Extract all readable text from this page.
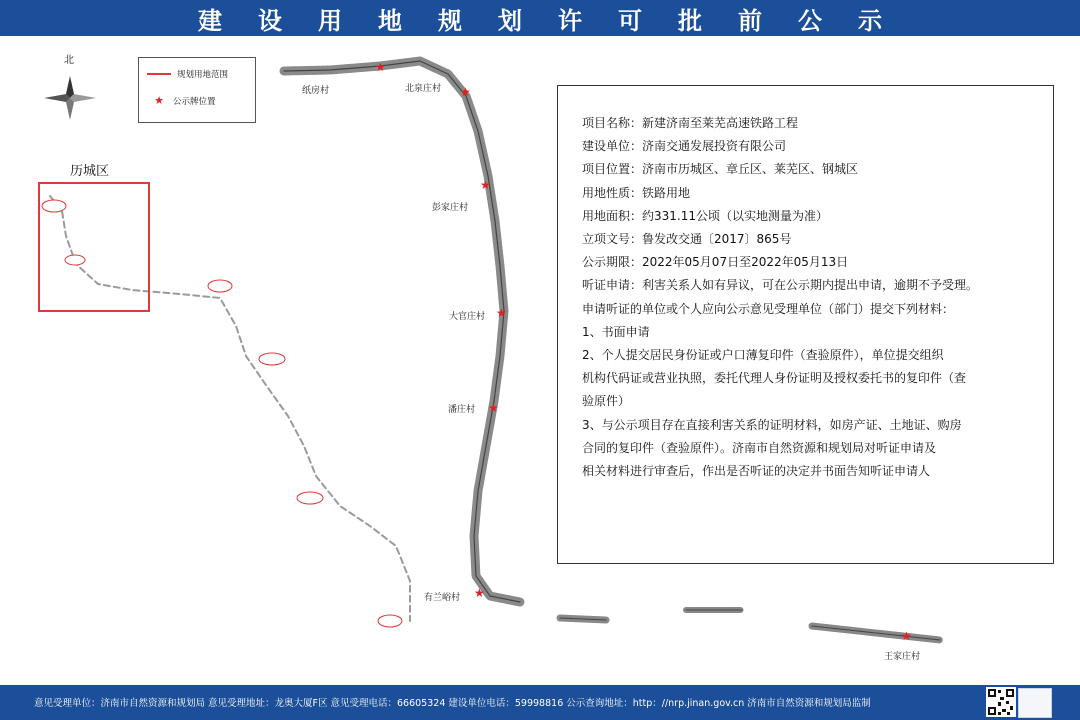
建设用地规划许可批前公示
北
规划用地范围
★	公示牌位置
历城区
★
★
★
★
★
★
★
纸房村	北泉庄村
彭家庄村
大官庄村
潘庄村
有兰峪村
王家庄村
项目名称：新建济南至莱芜高速铁路工程
建设单位：济南交通发展投资有限公司
项目位置：济南市历城区、章丘区、莱芜区、钢城区
用地性质：铁路用地
用地面积：约331.11公顷（以实地测量为准）
立项文号：鲁发改交通〔2017〕865号
公示期限：2022年05月07日至2022年05月13日
听证申请：利害关系人如有异议，可在公示期内提出申请，逾期不予受理。
申请听证的单位或个人应向公示意见受理单位（部门）提交下列材料：
1、书面申请
2、个人提交居民身份证或户口薄复印件（查验原件），单位提交组织
机构代码证或营业执照，委托代理人身份证明及授权委托书的复印件（查
验原件）
3、与公示项目存在直接利害关系的证明材料，如房产证、土地证、购房
合同的复印件（查验原件）。济南市自然资源和规划局对听证申请及
相关材料进行审查后，作出是否听证的决定并书面告知听证申请人
意见受理单位：济南市自然资源和规划局 意见受理地址：龙奥大厦F区 意见受理电话：66605324 建设单位电话：59998816 公示查询地址：http：//nrp.jinan.gov.cn 济南市自然资源和规划局监制
